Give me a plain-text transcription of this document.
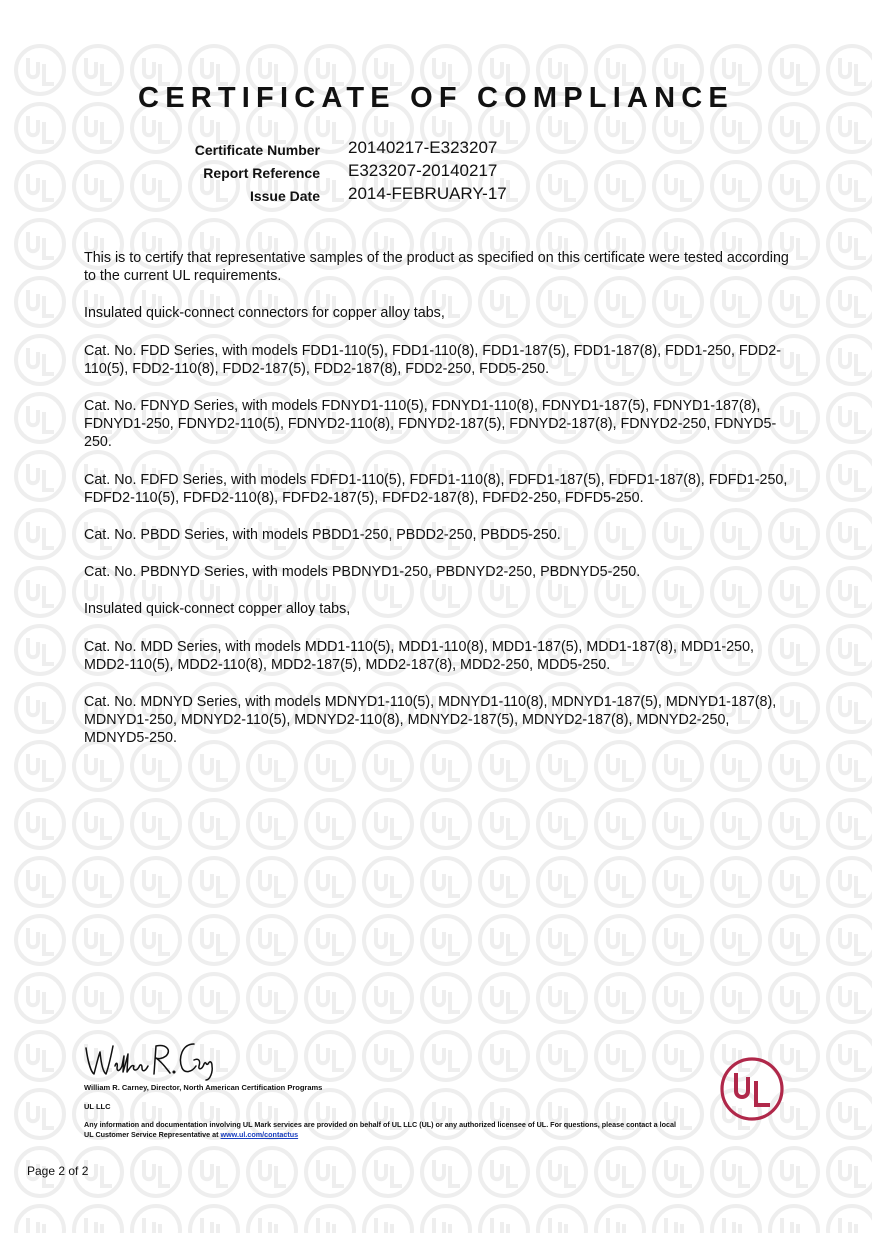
CERTIFICATE OF COMPLIANCE
Certificate Number 20140217-E323207
Report Reference E323207-20140217
Issue Date 2014-FEBRUARY-17

This is to certify that representative samples of the product as specified on this certificate were tested according to the current UL requirements.

Insulated quick-connect connectors for copper alloy tabs,

Cat. No. FDD Series, with models FDD1-110(5), FDD1-110(8), FDD1-187(5), FDD1-187(8), FDD1-250, FDD2-110(5), FDD2-110(8), FDD2-187(5), FDD2-187(8), FDD2-250, FDD5-250.

Cat. No. FDNYD Series, with models FDNYD1-110(5), FDNYD1-110(8), FDNYD1-187(5), FDNYD1-187(8), FDNYD1-250, FDNYD2-110(5), FDNYD2-110(8), FDNYD2-187(5), FDNYD2-187(8), FDNYD2-250, FDNYD5-250.

Cat. No. FDFD Series, with models FDFD1-110(5), FDFD1-110(8), FDFD1-187(5), FDFD1-187(8), FDFD1-250, FDFD2-110(5), FDFD2-110(8), FDFD2-187(5), FDFD2-187(8), FDFD2-250, FDFD5-250.

Cat. No. PBDD Series, with models PBDD1-250, PBDD2-250, PBDD5-250.

Cat. No. PBDNYD Series, with models PBDNYD1-250, PBDNYD2-250, PBDNYD5-250.

Insulated quick-connect copper alloy tabs,

Cat. No. MDD Series, with models MDD1-110(5), MDD1-110(8), MDD1-187(5), MDD1-187(8), MDD1-250, MDD2-110(5), MDD2-110(8), MDD2-187(5), MDD2-187(8), MDD2-250, MDD5-250.

Cat. No. MDNYD Series, with models MDNYD1-110(5), MDNYD1-110(8), MDNYD1-187(5), MDNYD1-187(8), MDNYD1-250, MDNYD2-110(5), MDNYD2-110(8), MDNYD2-187(5), MDNYD2-187(8), MDNYD2-250, MDNYD5-250.

William R. Carney, Director, North American Certification Programs
UL LLC
Any information and documentation involving UL Mark services are provided on behalf of UL LLC (UL) or any authorized licensee of UL. For questions, please contact a local UL Customer Service Representative at www.ul.com/contactus
Page 2 of 2
